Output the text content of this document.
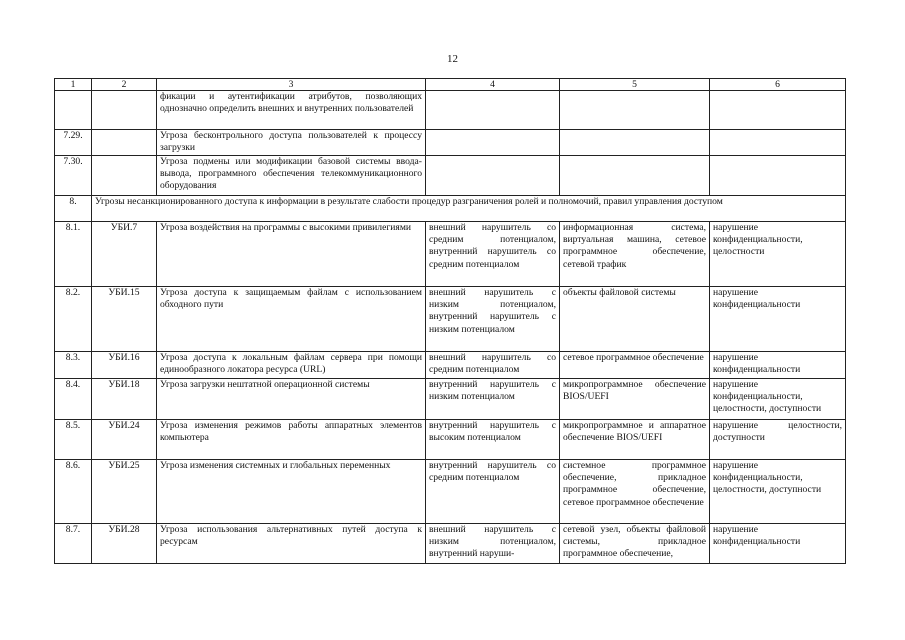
12
1	2	3	4	5	6
		фикации и аутентификации атрибутов, позволяющих однозначно определить внешних и внутренних пользователей			
7.29.		Угроза бесконтрольного доступа пользователей к процессу загрузки			
7.30.		Угроза подмены или модификации базовой системы ввода-вывода, программного обеспечения телекоммуникационного оборудования			
8.	Угрозы несанкционированного доступа к информации в результате слабости процедур разграничения ролей и полномочий, правил управления доступом				
8.1.	УБИ.7	Угроза воздействия на программы с высокими привилегиями	внешний нарушитель со средним потенциалом, внутренний нарушитель со средним потенциалом	информационная система, виртуальная машина, сетевое программное обеспечение, сетевой трафик	нарушение конфиденциальности, целостности
8.2.	УБИ.15	Угроза доступа к защищаемым файлам с использованием обходного пути	внешний нарушитель с низким потенциалом, внутренний нарушитель с низким потенциалом	объекты файловой системы	нарушение конфиденциальности
8.3.	УБИ.16	Угроза доступа к локальным файлам сервера при помощи единообразного локатора ресурса (URL)	внешний нарушитель со средним потенциалом	сетевое программное обеспечение	нарушение конфиденциальности
8.4.	УБИ.18	Угроза загрузки нештатной операционной системы	внутренний нарушитель с низким потенциалом	микропрограммное обеспечение BIOS/UEFI	нарушение конфиденциальности, целостности, доступности
8.5.	УБИ.24	Угроза изменения режимов работы аппаратных элементов компьютера	внутренний нарушитель с высоким потенциалом	микропрограммное и аппаратное обеспечение BIOS/UEFI	нарушение целостности, доступности
8.6.	УБИ.25	Угроза изменения системных и глобальных переменных	внутренний нарушитель со средним потенциалом	системное программное обеспечение, прикладное программное обеспечение, сетевое программное обеспечение	нарушение конфиденциальности, целостности, доступности
8.7.	УБИ.28	Угроза использования альтернативных путей доступа к ресурсам	внешний нарушитель с низким потенциалом, внутренний наруши-	сетевой узел, объекты файловой системы, прикладное программное обеспечение,	нарушение конфиденциальности
